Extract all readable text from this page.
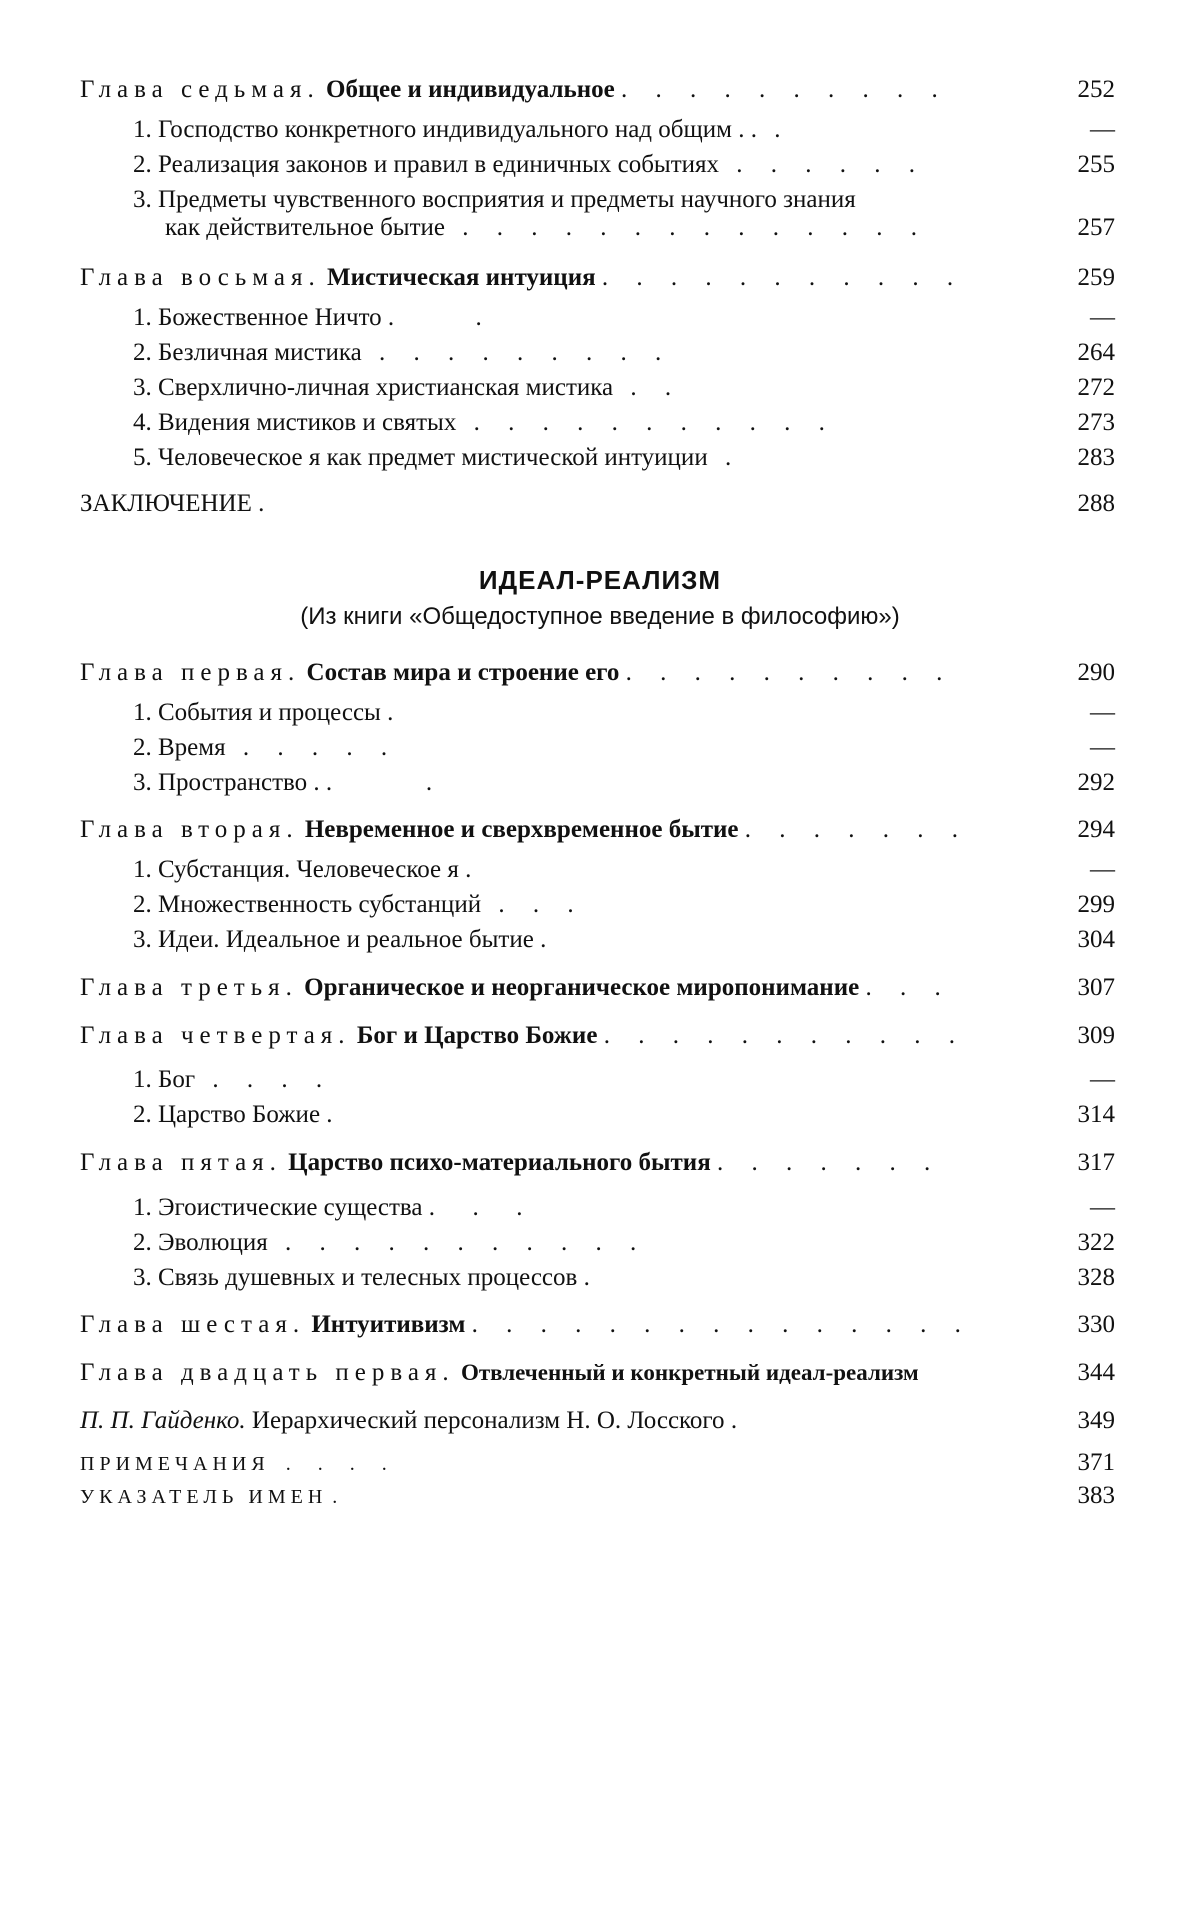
Глава седьмая. Общее и индивидуальное . . . . . . . . . .	252
1. Господство конкретного индивидуального над общим . . .	—
2. Реализация законов и правил в единичных событиях . . . . . .	255
3. Предметы чувственного восприятия и предметы научного знания
как действительное бытие . . . . . . . . . . . . . .	257
Глава восьмая. Мистическая интуиция . . . . . . . . . . .	259
1. Божественное Ничто .             .	—
2. Безличная мистика . . . . . . . . .	264
3. Сверхлично-личная христианская мистика . .	272
4. Видения мистиков и святых . . . . . . . . . . .	273
5. Человеческое я как предмет мистической интуиции .	283
ЗАКЛЮЧЕНИЕ .	288
ИДЕАЛ-РЕАЛИЗМ
(Из книги «Общедоступное введение в философию»)
Глава первая. Состав мира и строение его . . . . . . . . . .	290
1. События и процессы .	—
2. Время . . . . .	—
3. Пространство . .               .	292
Глава вторая. Невременное и сверхвременное бытие . . . . . . .	294
1. Субстанция. Человеческое я .	—
2. Множественность субстанций . . .	299
3. Идеи. Идеальное и реальное бытие .	304
Глава третья. Органическое и неорганическое миропонимание . . .	307
Глава четвертая. Бог и Царство Божие . . . . . . . . . . .	309
1. Бог . . . .	—
2. Царство Божие .	314
Глава пятая. Царство психо-материального бытия . . . . . . .	317
1. Эгоистические существа .      .      .	—
2. Эволюция . . . . . . . . . . .	322
3. Связь душевных и телесных процессов .	328
Глава шестая. Интуитивизм . . . . . . . . . . . . . . .	330
Глава двадцать первая. Отвлеченный и конкретный идеал-реализм	344
П. П. Гайденко. Иерархический персонализм Н. О. Лосского .	349
ПРИМЕЧАНИЯ . . . .	371
УКАЗАТЕЛЬ ИМЕН .	383
